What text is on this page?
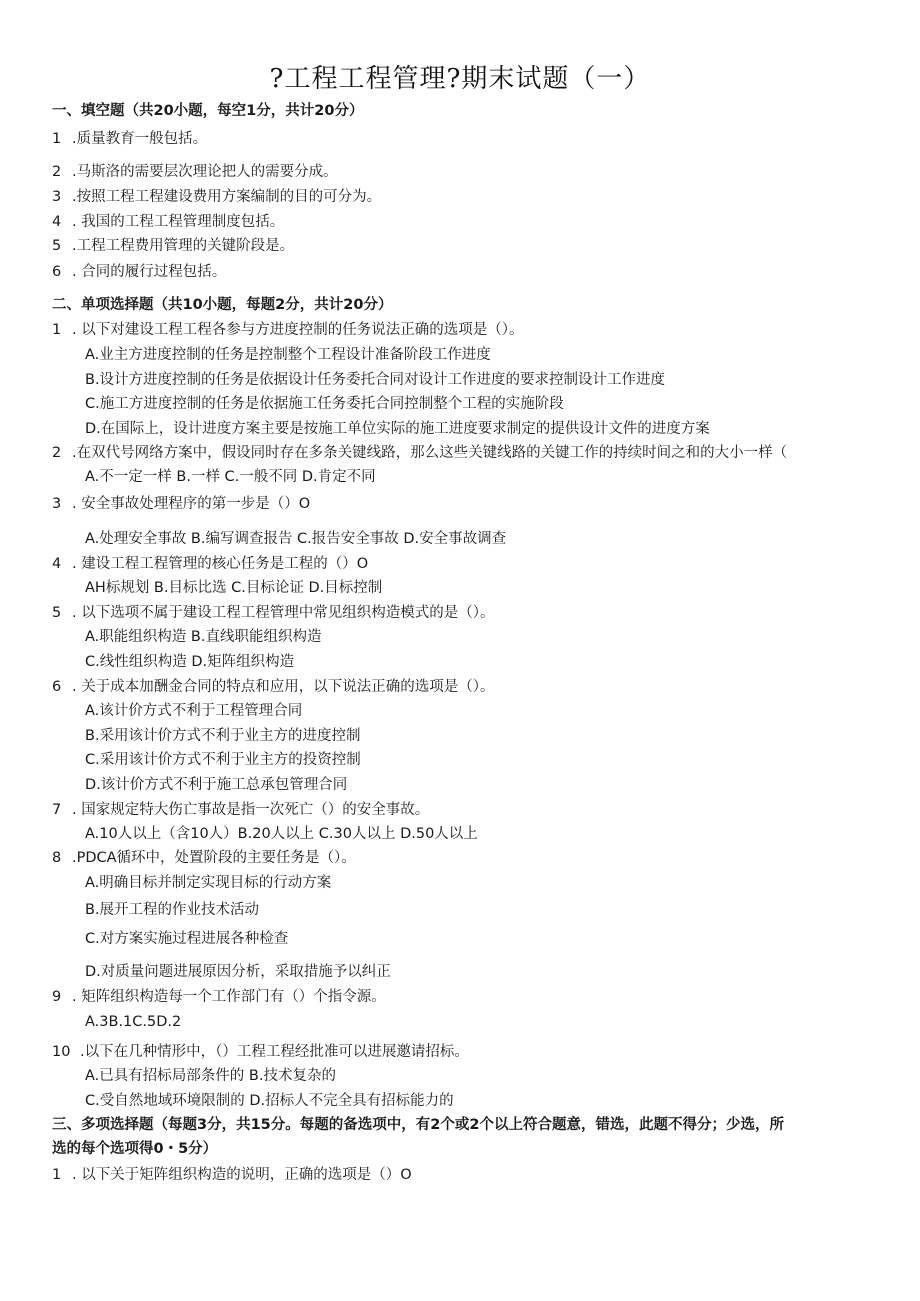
?工程工程管理?期末试题（一）
一、填空题（共20小题，每空1分，共计20分）
1 .质量教育一般包括。
2 .马斯洛的需要层次理论把人的需要分成。
3 .按照工程工程建设费用方案编制的目的可分为。
4 . 我国的工程工程管理制度包括。
5 .工程工程费用管理的关键阶段是。
6 . 合同的履行过程包括。
二、单项选择题（共10小题，每题2分，共计20分）
1 . 以下对建设工程工程各参与方进度控制的任务说法正确的选项是（）。
A.业主方进度控制的任务是控制整个工程设计准备阶段工作进度
B.设计方进度控制的任务是依据设计任务委托合同对设计工作进度的要求控制设计工作进度
C.施工方进度控制的任务是依据施工任务委托合同控制整个工程的实施阶段
D.在国际上，设计进度方案主要是按施工单位实际的施工进度要求制定的提供设计文件的进度方案
2 .在双代号网络方案中，假设同时存在多条关键线路，那么这些关键线路的关键工作的持续时间之和的大小一样（
A.不一定一样 B.一样 C.一般不同 D.肯定不同
3 . 安全事故处理程序的第一步是（）O
A.处理安全事故 B.编写调查报告 C.报告安全事故 D.安全事故调查
4 . 建设工程工程管理的核心任务是工程的（）O
AH标规划 B.目标比选 C.目标论证 D.目标控制
5 . 以下选项不属于建设工程工程管理中常见组织构造模式的是（）。
A.职能组织构造 B.直线职能组织构造
C.线性组织构造 D.矩阵组织构造
6 . 关于成本加酬金合同的特点和应用，以下说法正确的选项是（）。
A.该计价方式不利于工程管理合同
B.采用该计价方式不利于业主方的进度控制
C.采用该计价方式不利于业主方的投资控制
D.该计价方式不利于施工总承包管理合同
7 . 国家规定特大伤亡事故是指一次死亡（）的安全事故。
A.10人以上（含10人）B.20人以上 C.30人以上 D.50人以上
8 .PDCA循环中，处置阶段的主要任务是（）。
A.明确目标并制定实现目标的行动方案
B.展开工程的作业技术活动
C.对方案实施过程进展各种检查
D.对质量问题进展原因分析，采取措施予以纠正
9 . 矩阵组织构造每一个工作部门有（）个指令源。
A.3B.1C.5D.2
10 .以下在几种情形中，（）工程工程经批准可以进展邀请招标。
A.已具有招标局部条件的 B.技术复杂的
C.受自然地域环境限制的 D.招标人不完全具有招标能力的
三、多项选择题（每题3分，共15分。每题的备选项中，有2个或2个以上符合题意，错选，此题不得分；少选，所
选的每个选项得0・5分）
1 . 以下关于矩阵组织构造的说明，正确的选项是（）O
